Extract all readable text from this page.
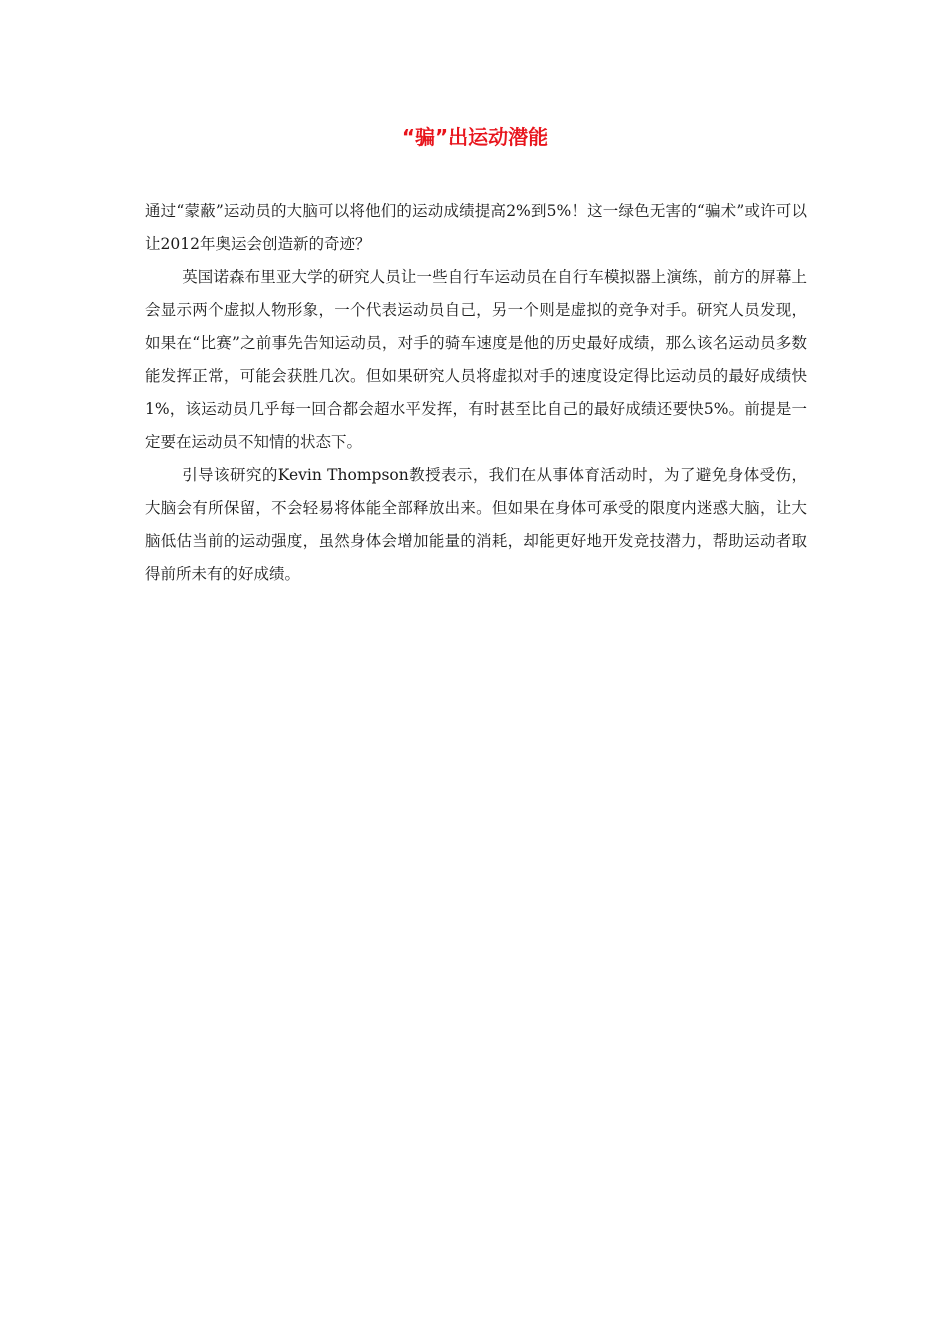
“骗”出运动潜能

通过“蒙蔽”运动员的大脑可以将他们的运动成绩提高2%到5%！这一绿色无害的“骗术”或许可以让2012年奥运会创造新的奇迹？

英国诺森布里亚大学的研究人员让一些自行车运动员在自行车模拟器上演练，前方的屏幕上会显示两个虚拟人物形象，一个代表运动员自己，另一个则是虚拟的竞争对手。研究人员发现，如果在“比赛”之前事先告知运动员，对手的骑车速度是他的历史最好成绩，那么该名运动员多数能发挥正常，可能会获胜几次。但如果研究人员将虚拟对手的速度设定得比运动员的最好成绩快1%，该运动员几乎每一回合都会超水平发挥，有时甚至比自己的最好成绩还要快5%。前提是一定要在运动员不知情的状态下。

引导该研究的Kevin Thompson教授表示，我们在从事体育活动时，为了避免身体受伤，大脑会有所保留，不会轻易将体能全部释放出来。但如果在身体可承受的限度内迷惑大脑，让大脑低估当前的运动强度，虽然身体会增加能量的消耗，却能更好地开发竞技潜力，帮助运动者取得前所未有的好成绩。
